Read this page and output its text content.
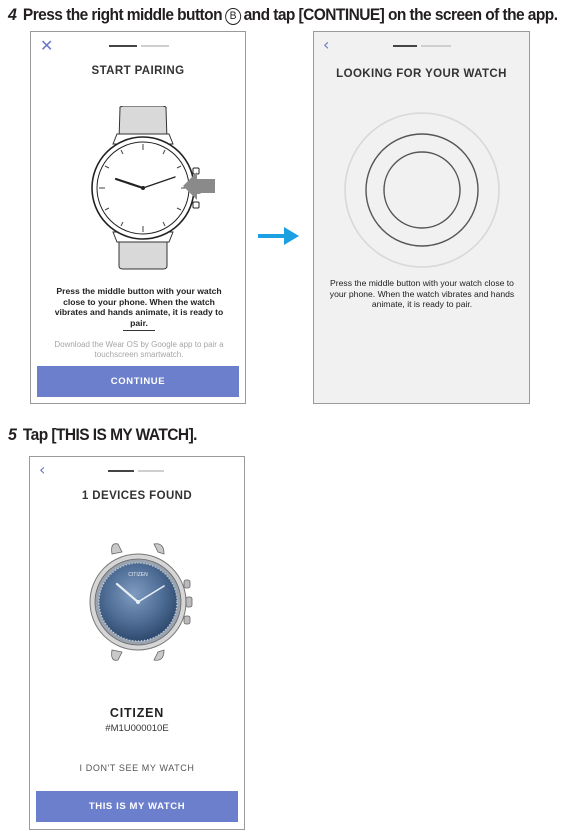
4 Press the right middle button B and tap [CONTINUE] on the screen of the app.
✕
START PAIRING
Press the middle button with your watch close to your phone. When the watch vibrates and hands animate, it is ready to pair.
Download the Wear OS by Google app to pair a touchscreen smartwatch.
CONTINUE
‹
LOOKING FOR YOUR WATCH
Press the middle button with your watch close to your phone. When the watch vibrates and hands animate, it is ready to pair.
5 Tap [THIS IS MY WATCH].
‹
1 DEVICES FOUND
CITIZEN
CITIZEN
#M1U000010E
I DON'T SEE MY WATCH
THIS IS MY WATCH
